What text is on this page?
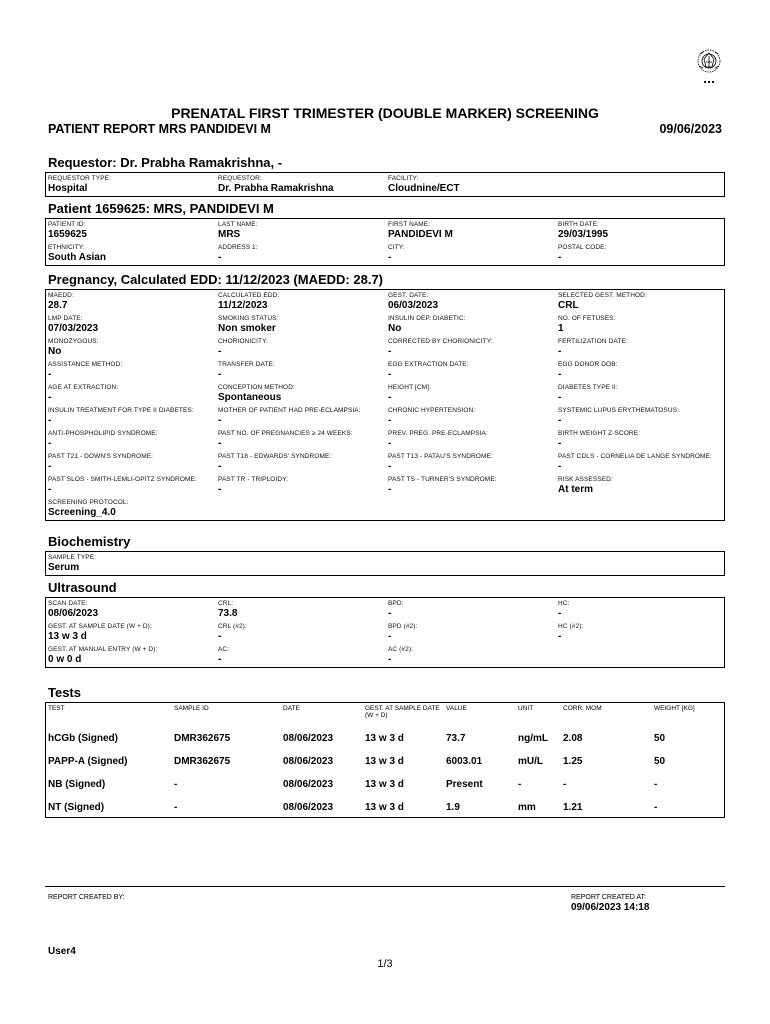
▪ ▪ ▪
PRENATAL FIRST TRIMESTER (DOUBLE MARKER) SCREENING
PATIENT REPORT MRS PANDIDEVI M	09/06/2023
Requestor: Dr. Prabha Ramakrishna, -
REQUESTOR TYPE:
Hospital
REQUESTOR:
Dr. Prabha Ramakrishna
FACILITY:
Cloudnine/ECT
Patient 1659625: MRS, PANDIDEVI M
PATIENT ID:
1659625
LAST NAME:
MRS
FIRST NAME:
PANDIDEVI M
BIRTH DATE:
29/03/1995
ETHNICITY:
South Asian
ADDRESS 1:
-
CITY:
-
POSTAL CODE:
-
Pregnancy, Calculated EDD: 11/12/2023 (MAEDD: 28.7)
MAEDD:
28.7
CALCULATED EDD:
11/12/2023
GEST. DATE:
06/03/2023
SELECTED GEST. METHOD:
CRL
LMP DATE:
07/03/2023
SMOKING STATUS:
Non smoker
INSULIN DEP. DIABETIC:
No
NO. OF FETUSES:
1
MONOZYGOUS:
No
CHORIONICITY:
-
CORRECTED BY CHORIONICITY:
-
FERTILIZATION DATE:
-
ASSISTANCE METHOD:
-
TRANSFER DATE:
-
EGG EXTRACTION DATE:
-
EGG DONOR DOB:
-
AGE AT EXTRACTION:
-
CONCEPTION METHOD:
Spontaneous
HEIGHT [CM]:
-
DIABETES TYPE II:
-
INSULIN TREATMENT FOR TYPE II DIABETES:
-
MOTHER OF PATIENT HAD PRE-ECLAMPSIA:
-
CHRONIC HYPERTENSION:
-
SYSTEMIC LUPUS ERYTHEMATOSUS:
-
ANTI-PHOSPHOLIPID SYNDROME:
-
PAST NO. OF PREGNANCIES ≥ 24 WEEKS:
-
PREV. PREG. PRE-ECLAMPSIA:
-
BIRTH WEIGHT Z-SCORE:
-
PAST T21 - DOWN'S SYNDROME:
-
PAST T18 - EDWARDS' SYNDROME:
-
PAST T13 - PATAU'S SYNDROME:
-
PAST CDLS - CORNELIA DE LANGE SYNDROME:
-
PAST SLOS - SMITH-LEMLI-OPITZ SYNDROME:
-
PAST TR - TRIPLOIDY:
-
PAST TS - TURNER'S SYNDROME:
-
RISK ASSESSED:
At term
SCREENING PROTOCOL:
Screening_4.0
Biochemistry
SAMPLE TYPE:
Serum
Ultrasound
SCAN DATE:
08/06/2023
CRL:
73.8
BPD:
-
HC:
-
GEST. AT SAMPLE DATE (W + D):
13 w 3 d
CRL (#2):
-
BPD (#2):
-
HC (#2):
-
GEST. AT MANUAL ENTRY (W + D):
0 w 0 d
AC:
-
AC (#2):
-
Tests
TEST	SAMPLE ID	DATE	GEST. AT SAMPLE DATE (W + D)	VALUE	UNIT	CORR. MOM	WEIGHT [KG]
hCGb (Signed)	DMR362675	08/06/2023	13 w 3 d	73.7	ng/mL	2.08	50
PAPP-A (Signed)	DMR362675	08/06/2023	13 w 3 d	6003.01	mU/L	1.25	50
NB (Signed)	-	08/06/2023	13 w 3 d	Present	-	-	-
NT (Signed)	-	08/06/2023	13 w 3 d	1.9	mm	1.21	-
REPORT CREATED BY:	REPORT CREATED AT:
09/06/2023 14:18
User4
1/3
